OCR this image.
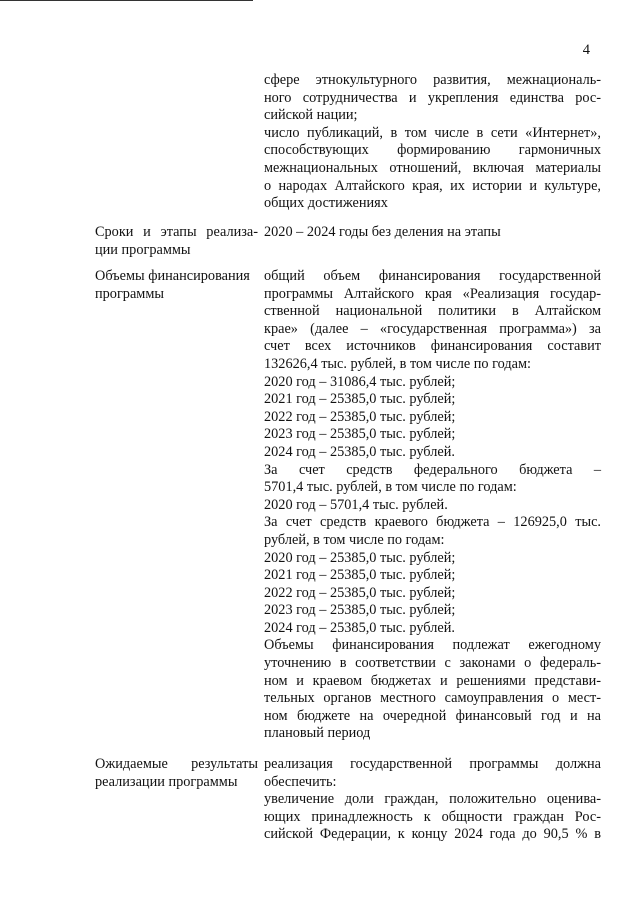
4
сфере этнокультурного развития, межнациональ-
ного сотрудничества и укрепления единства рос-
сийской нации;
число публикаций, в том числе в сети «Интернет»,
способствующих формированию гармоничных
межнациональных отношений, включая материалы
о народах Алтайского края, их истории и культуре,
общих достижениях
Сроки и этапы реализа-
ции программы
2020 – 2024 годы без деления на этапы
Объемы финансирования
программы
общий объем финансирования государственной
программы Алтайского края «Реализация государ-
ственной национальной политики в Алтайском
крае» (далее – «государственная программа») за
счет всех источников финансирования составит
132626,4 тыс. рублей, в том числе по годам:
2020 год – 31086,4 тыс. рублей;
2021 год – 25385,0 тыс. рублей;
2022 год – 25385,0 тыс. рублей;
2023 год – 25385,0 тыс. рублей;
2024 год – 25385,0 тыс. рублей.
За счет средств федерального бюджета –
5701,4 тыс. рублей, в том числе по годам:
2020 год – 5701,4 тыс. рублей.
За счет средств краевого бюджета – 126925,0 тыс.
рублей, в том числе по годам:
2020 год – 25385,0 тыс. рублей;
2021 год – 25385,0 тыс. рублей;
2022 год – 25385,0 тыс. рублей;
2023 год – 25385,0 тыс. рублей;
2024 год – 25385,0 тыс. рублей.
Объемы финансирования подлежат ежегодному
уточнению в соответствии с законами о федераль-
ном и краевом бюджетах и решениями представи-
тельных органов местного самоуправления о мест-
ном бюджете на очередной финансовый год и на
плановый период
Ожидаемые результаты
реализации программы
реализация государственной программы должна
обеспечить:
увеличение доли граждан, положительно оценива-
ющих принадлежность к общности граждан Рос-
сийской Федерации, к концу 2024 года до 90,5 % в
